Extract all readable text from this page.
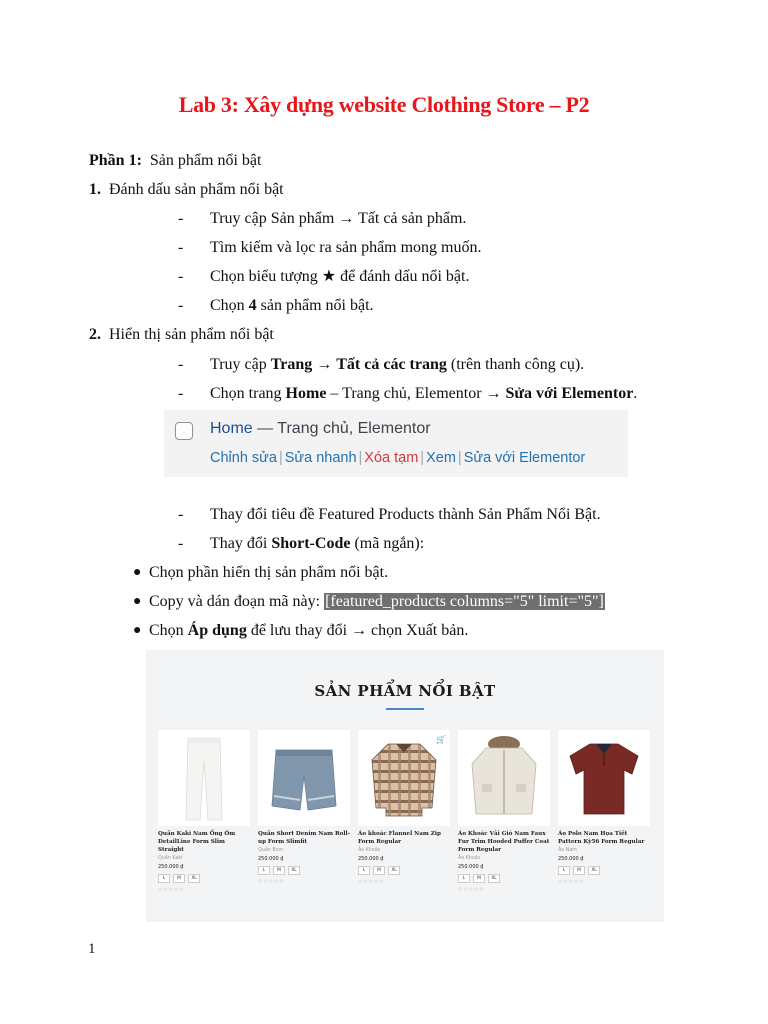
Lab 3: Xây dựng website Clothing Store – P2
Phần 1: Sản phẩm nổi bật
1. Đánh dấu sản phẩm nổi bật
-	Truy cập Sản phẩm → Tất cả sản phẩm.
-	Tìm kiếm và lọc ra sản phẩm mong muốn.
-	Chọn biểu tượng ★ để đánh dấu nổi bật.
-	Chọn 4 sản phẩm nổi bật.
2. Hiển thị sản phẩm nổi bật
-	Truy cập Trang → Tất cả các trang (trên thanh công cụ).
-	Chọn trang Home – Trang chủ, Elementor → Sửa với Elementor.
Home — Trang chủ, Elementor
Chỉnh sửa | Sửa nhanh | Xóa tạm | Xem | Sửa với Elementor
-	Thay đổi tiêu đề Featured Products thành Sản Phẩm Nổi Bật.
-	Thay đổi Short-Code (mã ngắn):
● Chọn phần hiển thị sản phẩm nổi bật.
● Copy và dán đoạn mã này: [featured_products columns="5" limit="5"]
● Chọn Áp dụng để lưu thay đổi → chọn Xuất bản.
SẢN PHẨM NỔI BẬT
Quần Kaki Nam Ống Ôm DetailLine Form Slim Straight
Quần Kaki
250.000 ₫
L	M	XL
☆☆☆☆☆
Quần Short Denim Nam Roll-up Form Slimfit
Quần Bom
250.000 ₫
L	M	XL
☆☆☆☆☆
🛒
Áo khoác Flannel Nam Zip Form Regular
Áo Khoác
250.000 ₫
L	M	XL
☆☆☆☆☆
Áo Khoác Vải Gió Nam Faux Fur Trim Hooded Puffer Coat Form Regular
Áo Khoác
250.000 ₫
L	M	XL
☆☆☆☆☆
Áo Polo Nam Họa Tiết Pattern Kỳ56 Form Regular
Áo Nam
250.000 ₫
L	M	XL
☆☆☆☆☆
1
